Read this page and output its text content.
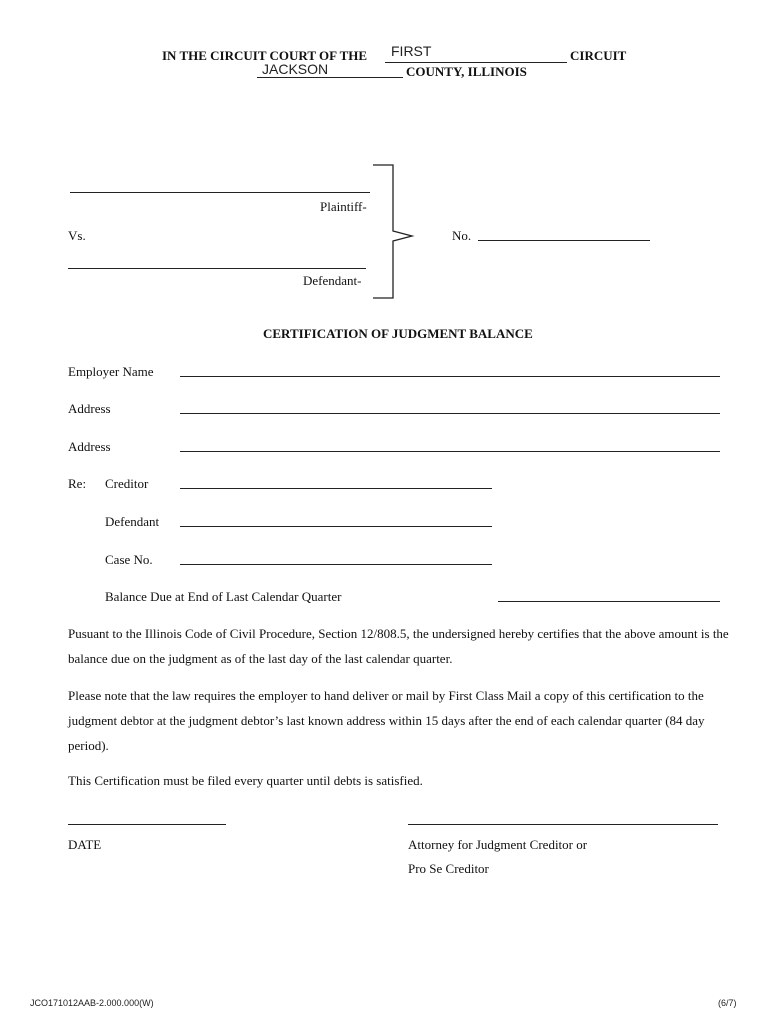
IN THE CIRCUIT COURT OF THE FIRST	CIRCUIT
JACKSON	COUNTY, ILLINOIS
Plaintiff-
Vs.
Defendant-
No.
CERTIFICATION OF JUDGMENT BALANCE
Employer Name
Address
Address
Re: Creditor
Defendant
Case No.
Balance Due at End of Last Calendar Quarter
Pusuant to the Illinois Code of Civil Procedure, Section 12/808.5, the undersigned hereby certifies that the above amount is the balance due on the judgment as of the last day of the last calendar quarter.
Please note that the law requires the employer to hand deliver or mail by First Class Mail a copy of this certification to the judgment debtor at the judgment debtor’s last known address within 15 days after the end of each calendar quarter (84 day period).
This Certification must be filed every quarter until debts is satisfied.
DATE	Attorney for Judgment Creditor or
Pro Se Creditor
JCO171012AAB-2.000.000(W)	(6/7)
